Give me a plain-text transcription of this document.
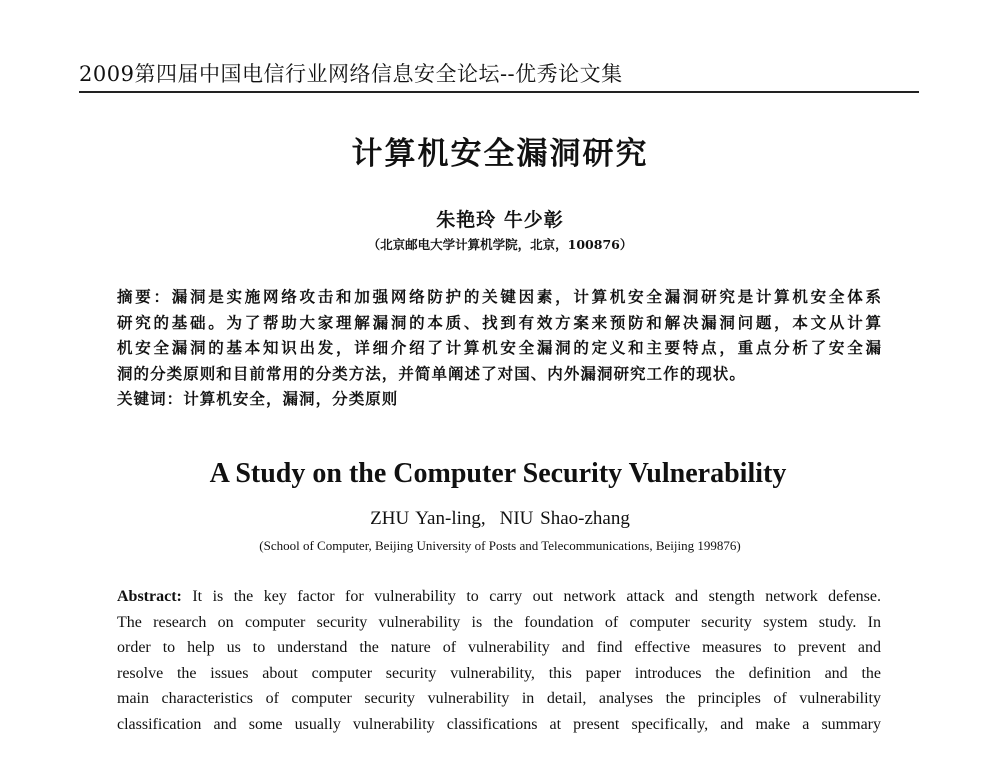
2009第四届中国电信行业网络信息安全论坛--优秀论文集
计算机安全漏洞研究
朱艳玲 牛少彰
（北京邮电大学计算机学院，北京，100876）
摘要：漏洞是实施网络攻击和加强网络防护的关键因素，计算机安全漏洞研究是计算机安全体系
研究的基础。为了帮助大家理解漏洞的本质、找到有效方案来预防和解决漏洞问题，本文从计算
机安全漏洞的基本知识出发，详细介绍了计算机安全漏洞的定义和主要特点，重点分析了安全漏
洞的分类原则和目前常用的分类方法，并简单阐述了对国、内外漏洞研究工作的现状。
关键词：计算机安全，漏洞，分类原则
A Study on the Computer Security Vulnerability
ZHU Yan-ling, NIU Shao-zhang
(School of Computer, Beijing University of Posts and Telecommunications, Beijing 199876)
Abstract: It is the key factor for vulnerability to carry out network attack and stength network defense.
The research on computer security vulnerability is the foundation of computer security system study. In
order to help us to understand the nature of vulnerability and find effective measures to prevent and
resolve the issues about computer security vulnerability, this paper introduces the definition and the
main characteristics of computer security vulnerability in detail, analyses the principles of vulnerability
classification and some usually vulnerability classifications at present specifically, and make a summary
